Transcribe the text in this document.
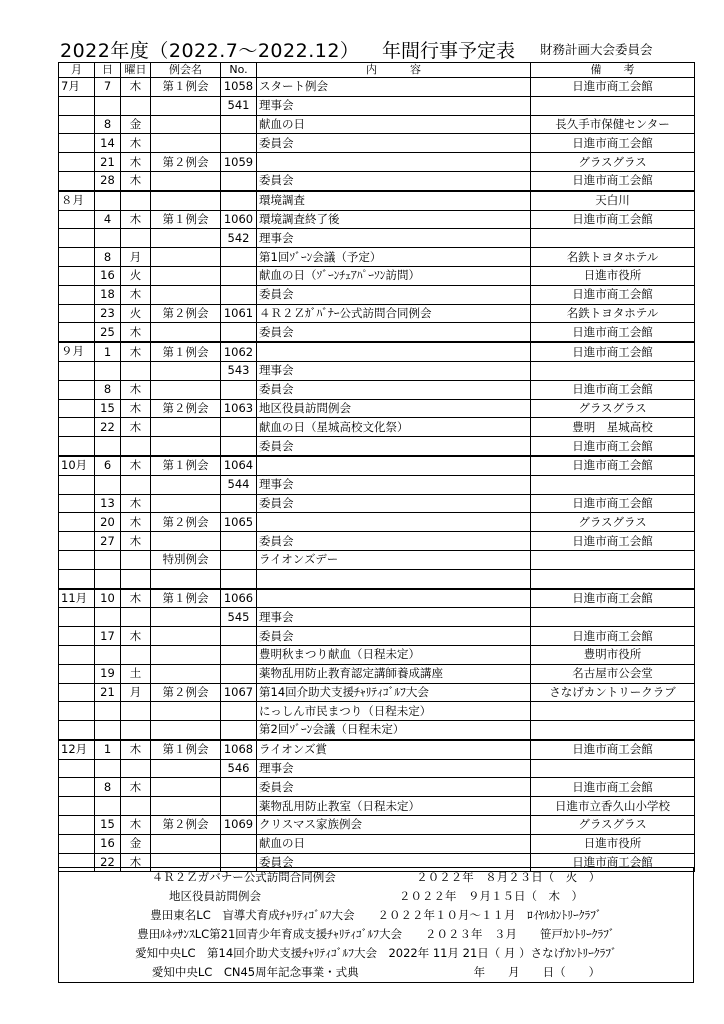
2022年度（2022.7～2022.12） 年間行事予定表 財務計画大会委員会
月	日	曜日	例会名	No.	内　　　容	備　　考
7月	7	木	第１例会	1058	スタート例会	日進市商工会館
				541	理事会	
	8	金			献血の日	長久手市保健センター
	14	木			委員会	日進市商工会館
	21	木	第２例会	1059		グラスグラス
	28	木			委員会	日進市商工会館
８月					環境調査	天白川
	4	木	第１例会	1060	環境調査終了後	日進市商工会館
				542	理事会	
	8	月			第1回ｿﾞｰﾝ会議（予定）	名鉄トヨタホテル
	16	火			献血の日（ｿﾞｰﾝﾁｪｱﾊﾟｰｿﾝ訪問）	日進市役所
	18	木			委員会	日進市商工会館
	23	火	第２例会	1061	４Ｒ２Ｚｶﾞﾊﾞﾅｰ公式訪問合同例会	名鉄トヨタホテル
	25	木			委員会	日進市商工会館
９月	1	木	第１例会	1062		日進市商工会館
				543	理事会	
	8	木			委員会	日進市商工会館
	15	木	第２例会	1063	地区役員訪問例会	グラスグラス
	22	木			献血の日（星城高校文化祭）	豊明　星城高校
					委員会	日進市商工会館
10月	6	木	第１例会	1064		日進市商工会館
				544	理事会	
	13	木			委員会	日進市商工会館
	20	木	第２例会	1065		グラスグラス
	27	木			委員会	日進市商工会館
			特別例会		ライオンズデー	

11月	10	木	第１例会	1066		日進市商工会館
				545	理事会	
	17	木			委員会	日進市商工会館
					豊明秋まつり献血（日程未定）	豊明市役所
	19	土			薬物乱用防止教育認定講師養成講座	名古屋市公会堂
	21	月	第２例会	1067	第14回介助犬支援ﾁｬﾘﾃｨｺﾞﾙﾌ大会	さなげカントリークラブ
					にっしん市民まつり（日程未定）	
					第2回ｿﾞｰﾝ会議（日程未定）	
12月	1	木	第１例会	1068	ライオンズ賞	日進市商工会館
				546	理事会	
	8	木			委員会	日進市商工会館
					薬物乱用防止教室（日程未定）	日進市立香久山小学校
	15	木	第２例会	1069	クリスマス家族例会	グラスグラス
	16	金			献血の日	日進市役所
	22	木			委員会	日進市商工会館
４Ｒ２Ｚガバナー公式訪問合同例会　　　　　　　２０２２年　８月２３日（　火　）
地区役員訪問例会　　　　　　　　　　　　２０２２年　９月１５日（　木　）
豊田東名LC　盲導犬育成ﾁｬﾘﾃｨｺﾞﾙﾌ大会　　２０２２年１０月～１１月　ﾛｲﾔﾙｶﾝﾄﾘｰｸﾗﾌﾞ
豊田ﾙﾈｯｻﾝｽLC第21回青少年育成支援ﾁｬﾘﾃｨｺﾞﾙﾌ大会　　２０２３年　３月　　笹戸ｶﾝﾄﾘｰｸﾗﾌﾞ
愛知中央LC　第14回介助犬支援ﾁｬﾘﾃｨｺﾞﾙﾌ大会　2022年 11月 21日（ 月 ）さなげｶﾝﾄﾘｰｸﾗﾌﾞ
愛知中央LC　CN45周年記念事業・式典　　　　　　　　　　年　　月　　日（　　）
